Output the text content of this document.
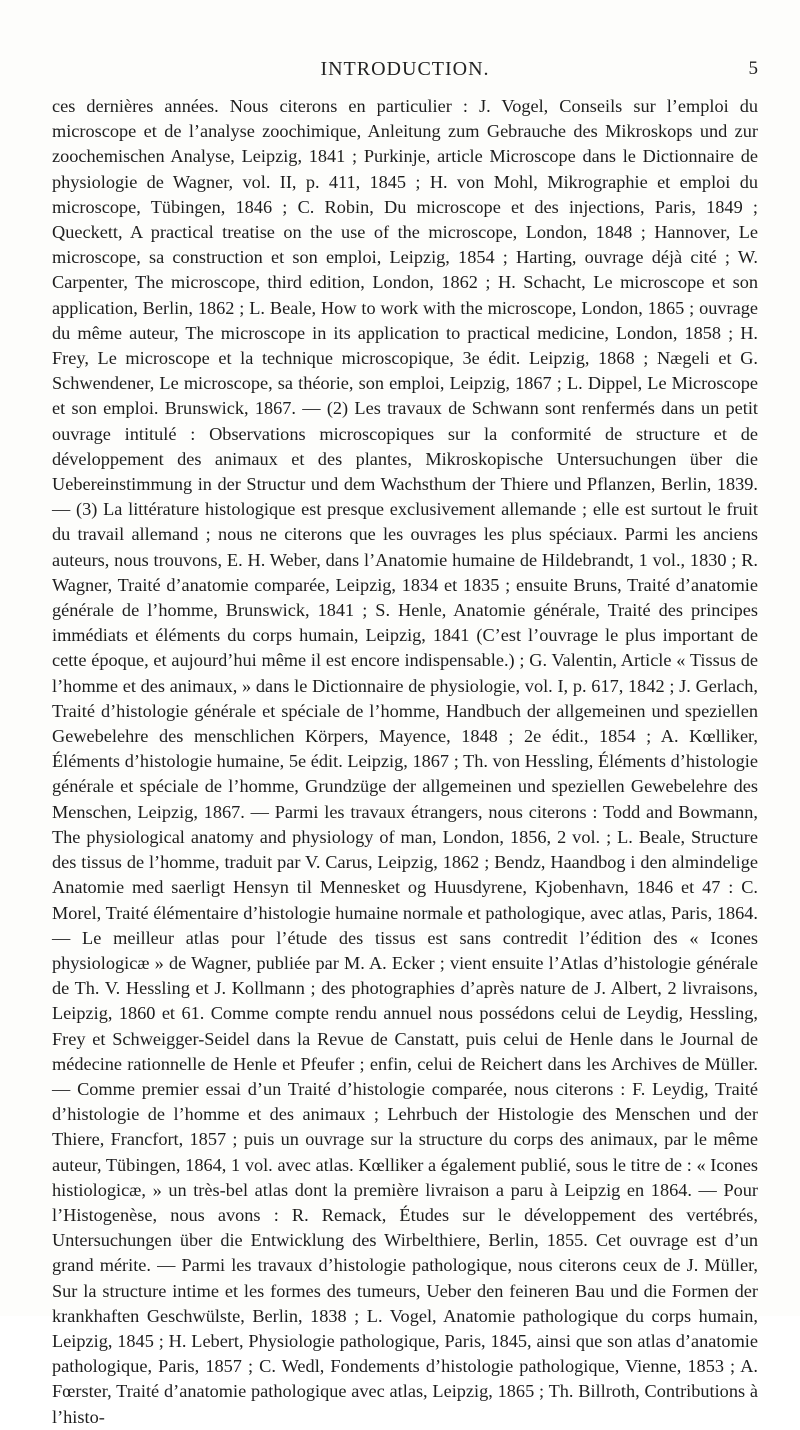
INTRODUCTION.	5

ces dernières années. Nous citerons en particulier : J. Vogel, Conseils sur l’emploi du microscope et de l’analyse zoochimique, Anleitung zum Gebrauche des Mikroskops und zur zoochemischen Analyse, Leipzig, 1841 ; Purkinje, article Microscope dans le Dictionnaire de physiologie de Wagner, vol. II, p. 411, 1845 ; H. von Mohl, Mikrographie et emploi du microscope, Tübingen, 1846 ; C. Robin, Du microscope et des injections, Paris, 1849 ; Queckett, A practical treatise on the use of the microscope, London, 1848 ; Hannover, Le microscope, sa construction et son emploi, Leipzig, 1854 ; Harting, ouvrage déjà cité ; W. Carpenter, The microscope, third edition, London, 1862 ; H. Schacht, Le microscope et son application, Berlin, 1862 ; L. Beale, How to work with the microscope, London, 1865 ; ouvrage du même auteur, The microscope in its application to practical medicine, London, 1858 ; H. Frey, Le microscope et la technique microscopique, 3e édit. Leipzig, 1868 ; Nægeli et G. Schwendener, Le microscope, sa théorie, son emploi, Leipzig, 1867 ; L. Dippel, Le Microscope et son emploi. Brunswick, 1867. — (2) Les travaux de Schwann sont renfermés dans un petit ouvrage intitulé : Observations microscopiques sur la conformité de structure et de développement des animaux et des plantes, Mikroskopische Untersuchungen über die Uebereinstimmung in der Structur und dem Wachsthum der Thiere und Pflanzen, Berlin, 1839. — (3) La littérature histologique est presque exclusivement allemande ; elle est surtout le fruit du travail allemand ; nous ne citerons que les ouvrages les plus spéciaux. Parmi les anciens auteurs, nous trouvons, E. H. Weber, dans l’Anatomie humaine de Hildebrandt, 1 vol., 1830 ; R. Wagner, Traité d’anatomie comparée, Leipzig, 1834 et 1835 ; ensuite Bruns, Traité d’anatomie générale de l’homme, Brunswick, 1841 ; S. Henle, Anatomie générale, Traité des principes immédiats et éléments du corps humain, Leipzig, 1841 (C’est l’ouvrage le plus important de cette époque, et aujourd’hui même il est encore indispensable.) ; G. Valentin, Article « Tissus de l’homme et des animaux, » dans le Dictionnaire de physiologie, vol. I, p. 617, 1842 ; J. Gerlach, Traité d’histologie générale et spéciale de l’homme, Handbuch der allgemeinen und speziellen Gewebelehre des menschlichen Körpers, Mayence, 1848 ; 2e édit., 1854 ; A. Kœlliker, Éléments d’histologie humaine, 5e édit. Leipzig, 1867 ; Th. von Hessling, Éléments d’histologie générale et spéciale de l’homme, Grundzüge der allgemeinen und speziellen Gewebelehre des Menschen, Leipzig, 1867. — Parmi les travaux étrangers, nous citerons : Todd and Bowmann, The physiological anatomy and physiology of man, London, 1856, 2 vol. ; L. Beale, Structure des tissus de l’homme, traduit par V. Carus, Leipzig, 1862 ; Bendz, Haandbog i den almindelige Anatomie med saerligt Hensyn til Mennesket og Huusdyrene, Kjobenhavn, 1846 et 47 : C. Morel, Traité élémentaire d’histologie humaine normale et pathologique, avec atlas, Paris, 1864. — Le meilleur atlas pour l’étude des tissus est sans contredit l’édition des « Icones physiologicæ » de Wagner, publiée par M. A. Ecker ; vient ensuite l’Atlas d’histologie générale de Th. V. Hessling et J. Kollmann ; des photographies d’après nature de J. Albert, 2 livraisons, Leipzig, 1860 et 61. Comme compte rendu annuel nous possédons celui de Leydig, Hessling, Frey et Schweigger-Seidel dans la Revue de Canstatt, puis celui de Henle dans le Journal de médecine rationnelle de Henle et Pfeufer ; enfin, celui de Reichert dans les Archives de Müller. — Comme premier essai d’un Traité d’histologie comparée, nous citerons : F. Leydig, Traité d’histologie de l’homme et des animaux ; Lehrbuch der Histologie des Menschen und der Thiere, Francfort, 1857 ; puis un ouvrage sur la structure du corps des animaux, par le même auteur, Tübingen, 1864, 1 vol. avec atlas. Kœlliker a également publié, sous le titre de : « Icones histiologicæ, » un très-bel atlas dont la première livraison a paru à Leipzig en 1864. — Pour l’Histogenèse, nous avons : R. Remack, Études sur le développement des vertébrés, Untersuchungen über die Entwicklung des Wirbelthiere, Berlin, 1855. Cet ouvrage est d’un grand mérite. — Parmi les travaux d’histologie pathologique, nous citerons ceux de J. Müller, Sur la structure intime et les formes des tumeurs, Ueber den feineren Bau und die Formen der krankhaften Geschwülste, Berlin, 1838 ; L. Vogel, Anatomie pathologique du corps humain, Leipzig, 1845 ; H. Lebert, Physiologie pathologique, Paris, 1845, ainsi que son atlas d’anatomie pathologique, Paris, 1857 ; C. Wedl, Fondements d’histologie pathologique, Vienne, 1853 ; A. Fœrster, Traité d’anatomie pathologique avec atlas, Leipzig, 1865 ; Th. Billroth, Contributions à l’histo-
